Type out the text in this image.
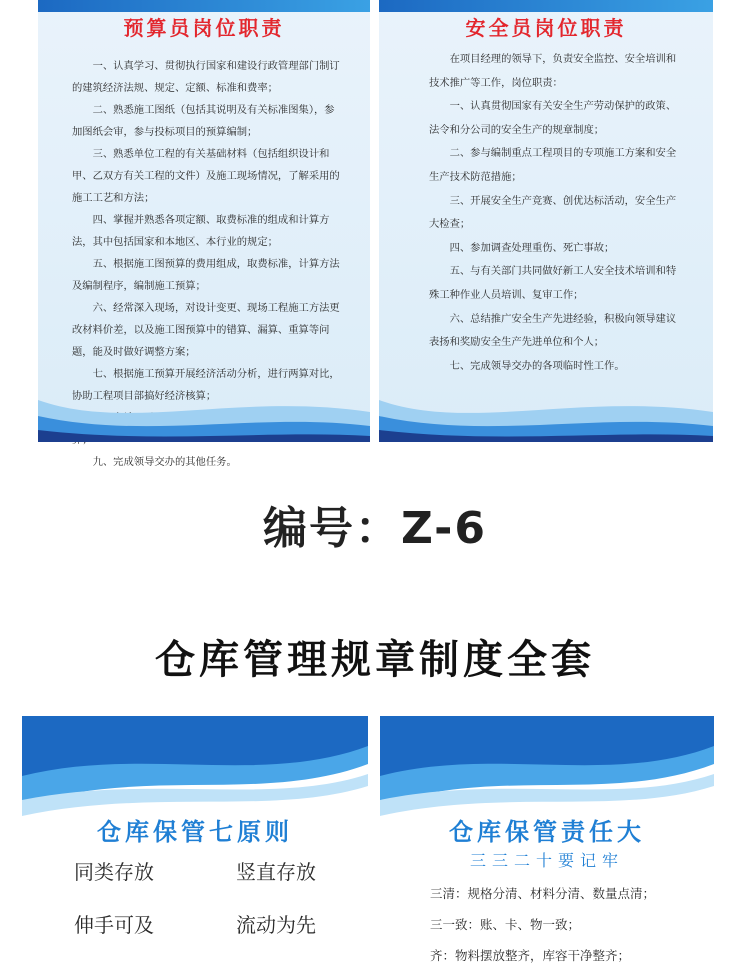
预算员岗位职责

一、认真学习、贯彻执行国家和建设行政管理部门制订的建筑经济法规、规定、定额、标准和费率；

二、熟悉施工图纸（包括其说明及有关标准图集），参加图纸会审，参与投标项目的预算编制；

三、熟悉单位工程的有关基础材料（包括组织设计和甲、乙双方有关工程的文件）及施工现场情况，了解采用的施工工艺和方法；

四、掌握并熟悉各项定额、取费标准的组成和计算方法，其中包括国家和本地区、本行业的规定；

五、根据施工图预算的费用组成，取费标准，计算方法及编制程序，编制施工预算；

六、经常深入现场，对设计变更、现场工程施工方法更改材料价差，以及施工图预算中的错算、漏算、重算等问题，能及时做好调整方案；

七、根据施工预算开展经济活动分析，进行两算对比，协助工程项目部搞好经济核算；

九、完成领导交办的其他任务。

安全员岗位职责

在项目经理的领导下，负责安全监控、安全培训和技术推广等工作，岗位职责：

一、认真贯彻国家有关安全生产劳动保护的政策、法令和分公司的安全生产的规章制度；

二、参与编制重点工程项目的专项施工方案和安全生产技术防范措施；

三、开展安全生产竞赛、创优达标活动，安全生产大检查；

四、参加调查处理重伤、死亡事故；

五、与有关部门共同做好新工人安全技术培训和特殊工种作业人员培训、复审工作；

六、总结推广安全生产先进经验，积极向领导建议表扬和奖励安全生产先进单位和个人；

七、完成领导交办的各项临时性工作。

编号：Z-6
仓库管理规章制度全套
仓库保管七原则
同类存放	竖直存放
伸手可及	流动为先
仓库保管责任大
三三二十要记牢

三清：规格分清、材料分清、数量点清；

三一致：账、卡、物一致；

齐：物料摆放整齐，库容干净整齐；
